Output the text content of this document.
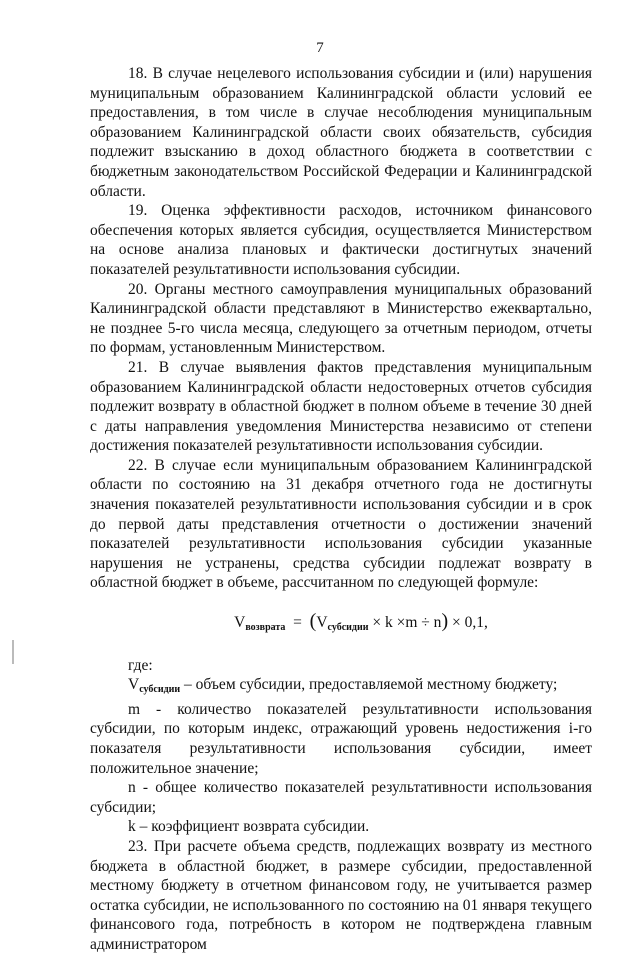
7

18. В случае нецелевого использования субсидии и (или) нарушения муниципальным образованием Калининградской области условий ее предоставления, в том числе в случае несоблюдения муниципальным образованием Калининградской области своих обязательств, субсидия подлежит взысканию в доход областного бюджета в соответствии с бюджетным законодательством Российской Федерации и Калининградской области.

19. Оценка эффективности расходов, источником финансового обеспечения которых является субсидия, осуществляется Министерством на основе анализа плановых и фактически достигнутых значений показателей результативности использования субсидии.

20. Органы местного самоуправления муниципальных образований Калининградской области представляют в Министерство ежеквартально, не позднее 5-го числа месяца, следующего за отчетным периодом, отчеты по формам, установленным Министерством.

21. В случае выявления фактов представления муниципальным образованием Калининградской области недостоверных отчетов субсидия подлежит возврату в областной бюджет в полном объеме в течение 30 дней с даты направления уведомления Министерства независимо от степени достижения показателей результативности использования субсидии.

22. В случае если муниципальным образованием Калининградской области по состоянию на 31 декабря отчетного года не достигнуты значения показателей результативности использования субсидии и в срок до первой даты представления отчетности о достижении значений показателей результативности использования субсидии указанные нарушения не устранены, средства субсидии подлежат возврату в областной бюджет в объеме, рассчитанном по следующей формуле:

$V_{возврата} = (V_{субсидии} \times k \times m \div n) \times 0,1$,

где:

$V_{субсидии}$ – объем субсидии, предоставляемой местному бюджету;

m - количество показателей результативности использования субсидии, по которым индекс, отражающий уровень недостижения i-го показателя результативности использования субсидии, имеет положительное значение;

n - общее количество показателей результативности использования субсидии;

k – коэффициент возврата субсидии.

23. При расчете объема средств, подлежащих возврату из местного бюджета в областной бюджет, в размере субсидии, предоставленной местному бюджету в отчетном финансовом году, не учитывается размер остатка субсидии, не использованного по состоянию на 01 января текущего финансового года, потребность в котором не подтверждена главным администратором
